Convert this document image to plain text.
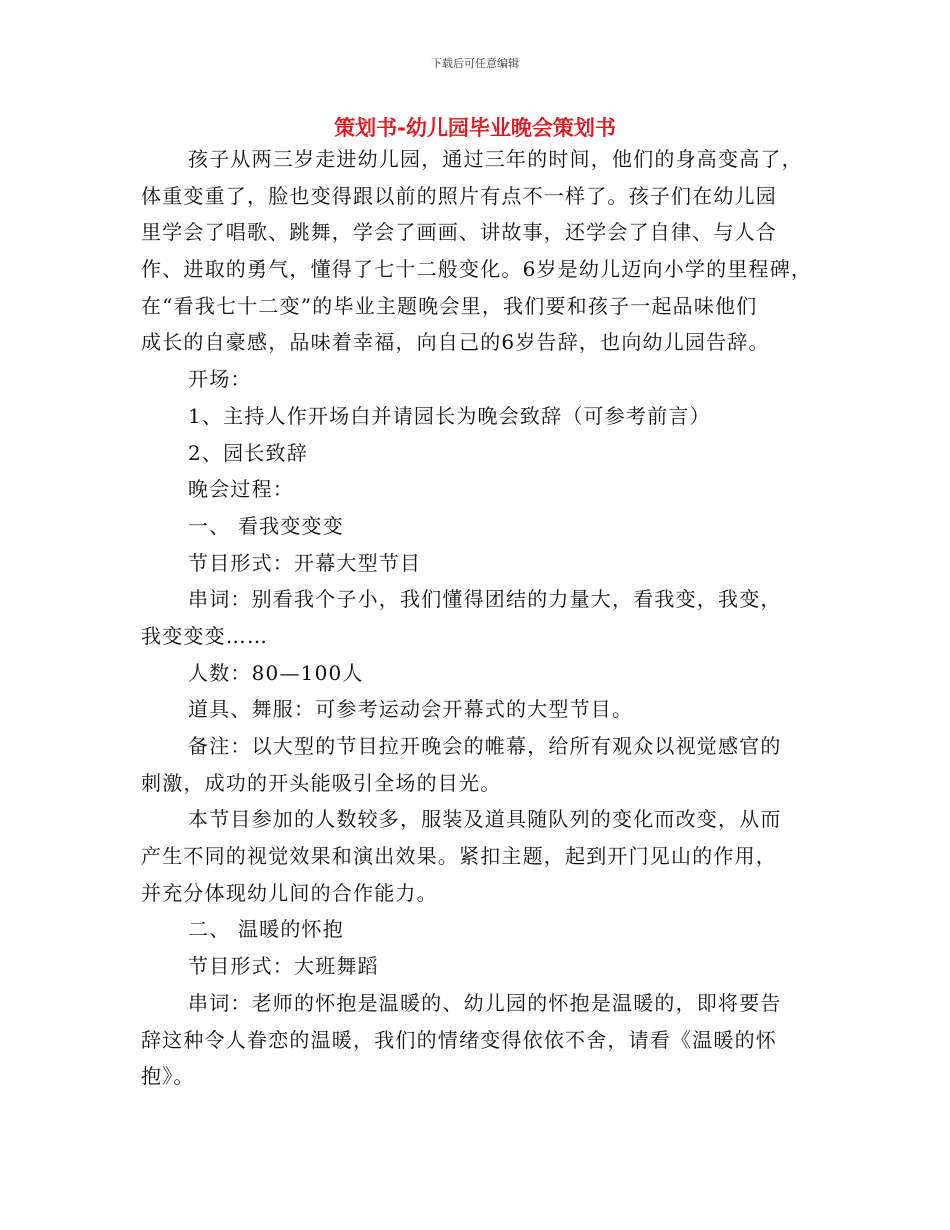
下载后可任意编辑
策划书-幼儿园毕业晚会策划书
孩子从两三岁走进幼儿园，通过三年的时间，他们的身高变高了，
体重变重了，脸也变得跟以前的照片有点不一样了。孩子们在幼儿园
里学会了唱歌、跳舞，学会了画画、讲故事，还学会了自律、与人合
作、进取的勇气，懂得了七十二般变化。6岁是幼儿迈向小学的里程碑，
在“看我七十二变”的毕业主题晚会里，我们要和孩子一起品味他们
成长的自豪感，品味着幸福，向自己的6岁告辞，也向幼儿园告辞。
开场：
1、主持人作开场白并请园长为晚会致辞（可参考前言）
2、园长致辞
晚会过程：
一、 看我变变变
节目形式：开幕大型节目
串词：别看我个子小，我们懂得团结的力量大，看我变，我变，
我变变变……
人数：80—100人
道具、舞服：可参考运动会开幕式的大型节目。
备注：以大型的节目拉开晚会的帷幕，给所有观众以视觉感官的
刺激，成功的开头能吸引全场的目光。
本节目参加的人数较多，服装及道具随队列的变化而改变，从而
产生不同的视觉效果和演出效果。紧扣主题，起到开门见山的作用，
并充分体现幼儿间的合作能力。
二、 温暖的怀抱
节目形式：大班舞蹈
串词：老师的怀抱是温暖的、幼儿园的怀抱是温暖的，即将要告
辞这种令人眷恋的温暖，我们的情绪变得依依不舍，请看《温暖的怀
抱》。
